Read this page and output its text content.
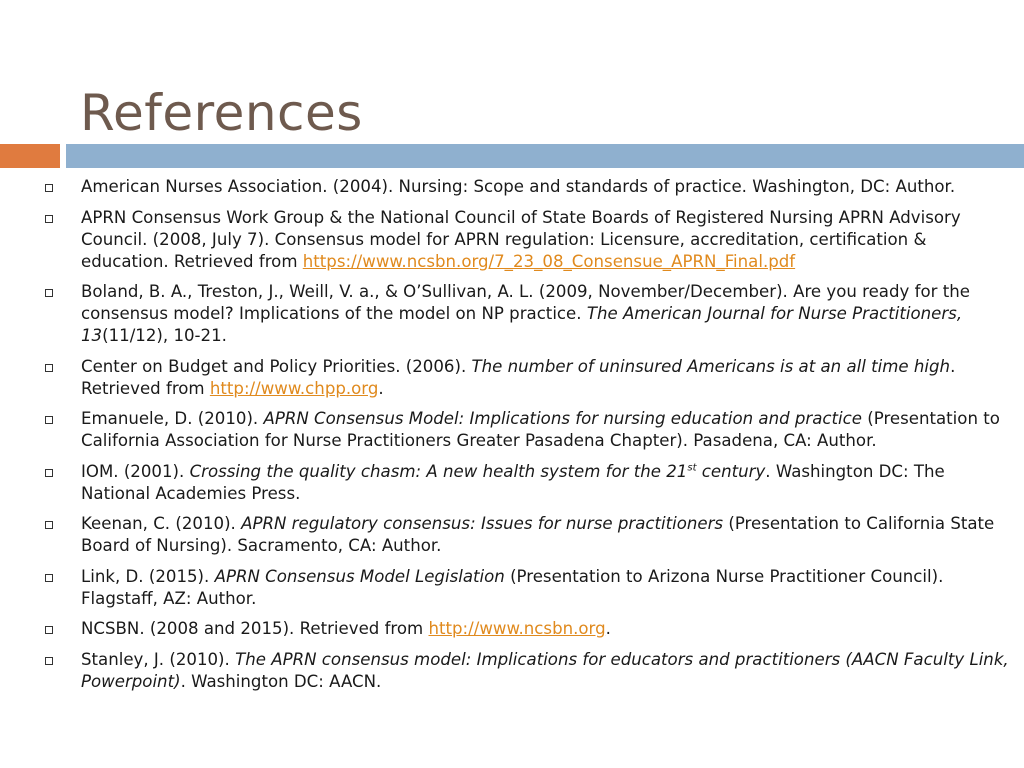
References
American Nurses Association. (2004). Nursing: Scope and standards of practice. Washington, DC: Author.
APRN Consensus Work Group & the National Council of State Boards of Registered Nursing APRN Advisory Council. (2008, July 7). Consensus model for APRN regulation: Licensure, accreditation, certification & education. Retrieved from https://www.ncsbn.org/7_23_08_Consensue_APRN_Final.pdf
Boland, B. A., Treston, J., Weill, V. a., & O’Sullivan, A. L. (2009, November/December). Are you ready for the consensus model? Implications of the model on NP practice. The American Journal for Nurse Practitioners, 13(11/12), 10-21.
Center on Budget and Policy Priorities. (2006). The number of uninsured Americans is at an all time high. Retrieved from http://www.chpp.org.
Emanuele, D. (2010). APRN Consensus Model: Implications for nursing education and practice (Presentation to California Association for Nurse Practitioners Greater Pasadena Chapter). Pasadena, CA: Author.
IOM. (2001). Crossing the quality chasm: A new health system for the 21st century. Washington DC: The National Academies Press.
Keenan, C. (2010). APRN regulatory consensus: Issues for nurse practitioners (Presentation to California State Board of Nursing). Sacramento, CA: Author.
Link, D. (2015). APRN Consensus Model Legislation (Presentation to Arizona Nurse Practitioner Council). Flagstaff, AZ: Author.
NCSBN. (2008 and 2015). Retrieved from http://www.ncsbn.org.
Stanley, J. (2010). The APRN consensus model: Implications for educators and practitioners (AACN Faculty Link, Powerpoint). Washington DC: AACN.
